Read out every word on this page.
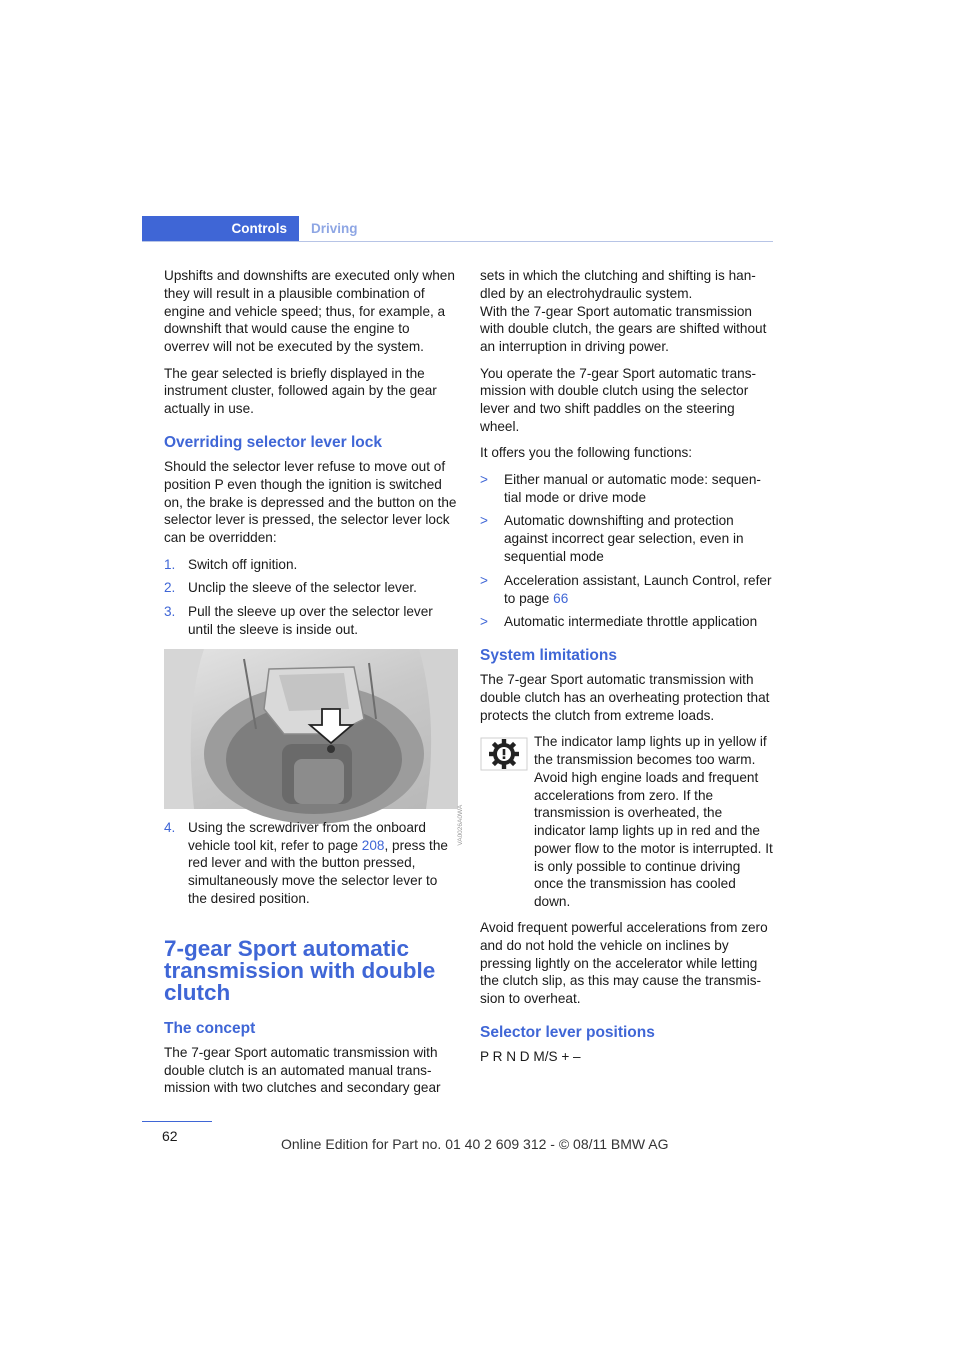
Controls	Driving

Upshifts and downshifts are executed only when they will result in a plausible combination of engine and vehicle speed; thus, for example, a downshift that would cause the engine to overrev will not be executed by the system.

The gear selected is briefly displayed in the instrument cluster, followed again by the gear actually in use.

Overriding selector lever lock

Should the selector lever refuse to move out of position P even though the ignition is switched on, the brake is depressed and the button on the selector lever is pressed, the selector lever lock can be overridden:

1. Switch off ignition.
2. Unclip the sleeve of the selector lever.
3. Pull the sleeve up over the selector lever until the sleeve is inside out.
VA0026A0WA
4. Using the screwdriver from the onboard vehicle tool kit, refer to page 208, press the red lever and with the button pressed, simultaneously move the selector lever to the desired position.
7-gear Sport automatic transmission with double clutch
The concept

The 7-gear Sport automatic transmission with double clutch is an automated manual trans-mission with two clutches and secondary gear

sets in which the clutching and shifting is han-dled by an electrohydraulic system.

With the 7-gear Sport automatic transmission with double clutch, the gears are shifted without an interruption in driving power.

You operate the 7-gear Sport automatic trans-mission with double clutch using the selector lever and two shift paddles on the steering wheel.

It offers you the following functions:

> Either manual or automatic mode: sequen-tial mode or drive mode
> Automatic downshifting and protection against incorrect gear selection, even in sequential mode
> Acceleration assistant, Launch Control, refer to page 66
> Automatic intermediate throttle application
System limitations

The 7-gear Sport automatic transmission with double clutch has an overheating protection that protects the clutch from extreme loads.

The indicator lamp lights up in yellow if the transmission becomes too warm. Avoid high engine loads and frequent accelerations from zero. If the transmission is overheated, the indicator lamp lights up in red and the power flow to the motor is interrupted. It is only possible to continue driving once the transmission has cooled down.

Avoid frequent powerful accelerations from zero and do not hold the vehicle on inclines by pressing lightly on the accelerator while letting the clutch slip, as this may cause the transmis-sion to overheat.

Selector lever positions

P R N D M/S + –

62	Online Edition for Part no. 01 40 2 609 312 - © 08/11 BMW AG
